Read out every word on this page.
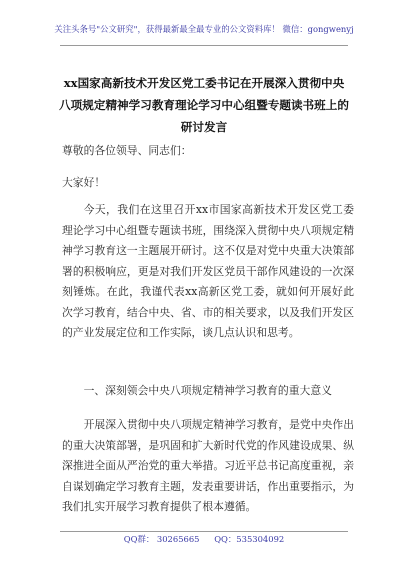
关注头条号"公文研究"，获得最新最全最专业的公文资料库！ 微信：gongwenyj
xx国家高新技术开发区党工委书记在开展深入贯彻中央八项规定精神学习教育理论学习中心组暨专题读书班上的研讨发言
尊敬的各位领导、同志们：
大家好！
今天，我们在这里召开xx市国家高新技术开发区党工委理论学习中心组暨专题读书班，围绕深入贯彻中央八项规定精神学习教育这一主题展开研讨。这不仅是对党中央重大决策部署的积极响应，更是对我们开发区党员干部作风建设的一次深刻锤炼。在此，我谨代表xx高新区党工委，就如何开展好此次学习教育，结合中央、省、市的相关要求，以及我们开发区的产业发展定位和工作实际，谈几点认识和思考。
一、深刻领会中央八项规定精神学习教育的重大意义
开展深入贯彻中央八项规定精神学习教育，是党中央作出的重大决策部署，是巩固和扩大新时代党的作风建设成果、纵深推进全面从严治党的重大举措。习近平总书记高度重视，亲自谋划确定学习教育主题，发表重要讲话，作出重要指示，为我们扎实开展学习教育提供了根本遵循。
QQ群： 30265665 QQ：535304092
